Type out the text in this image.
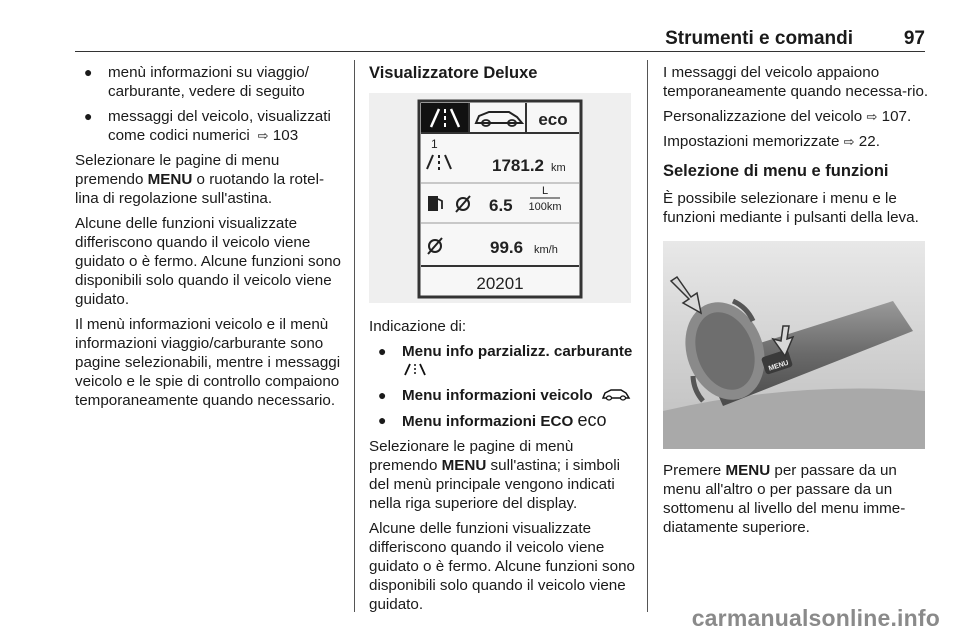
Strumenti e comandi	97
● menù informazioni su viaggio/ carburante, vedere di seguito
● messaggi del veicolo, visualizzati come codici numerici  ⇨ 103

Selezionare le pagine di menu premendo MENU o ruotando la rotel-lina di regolazione sull'astina.

Alcune delle funzioni visualizzate differiscono quando il veicolo viene guidato o è fermo. Alcune funzioni sono disponibili solo quando il veicolo viene guidato.

Il menù informazioni veicolo e il menù informazioni viaggio/carburante sono pagine selezionabili, mentre i messaggi veicolo e le spie di controllo compaiono temporaneamente quando necessario.

Visualizzatore Deluxe
eco
1
1781.2 km
6.5
L
100km
99.6 km/h
20201

Indicazione di:

● Menu info parzializz. carburante
● Menu informazioni veicolo
● Menu informazioni ECO eco

Selezionare le pagine di menù premendo MENU sull'astina; i simboli del menù principale vengono indicati nella riga superiore del display.

Alcune delle funzioni visualizzate differiscono quando il veicolo viene guidato o è fermo. Alcune funzioni sono disponibili solo quando il veicolo viene guidato.

I messaggi del veicolo appaiono temporaneamente quando necessa-rio.

Personalizzazione del veicolo ⇨ 107.

Impostazioni memorizzate ⇨ 22.

Selezione di menu e funzioni

È possibile selezionare i menu e le funzioni mediante i pulsanti della leva.

MENU

Premere MENU per passare da un menu all'altro o per passare da un sottomenu al livello del menu imme-diatamente superiore.

carmanualsonline.info
